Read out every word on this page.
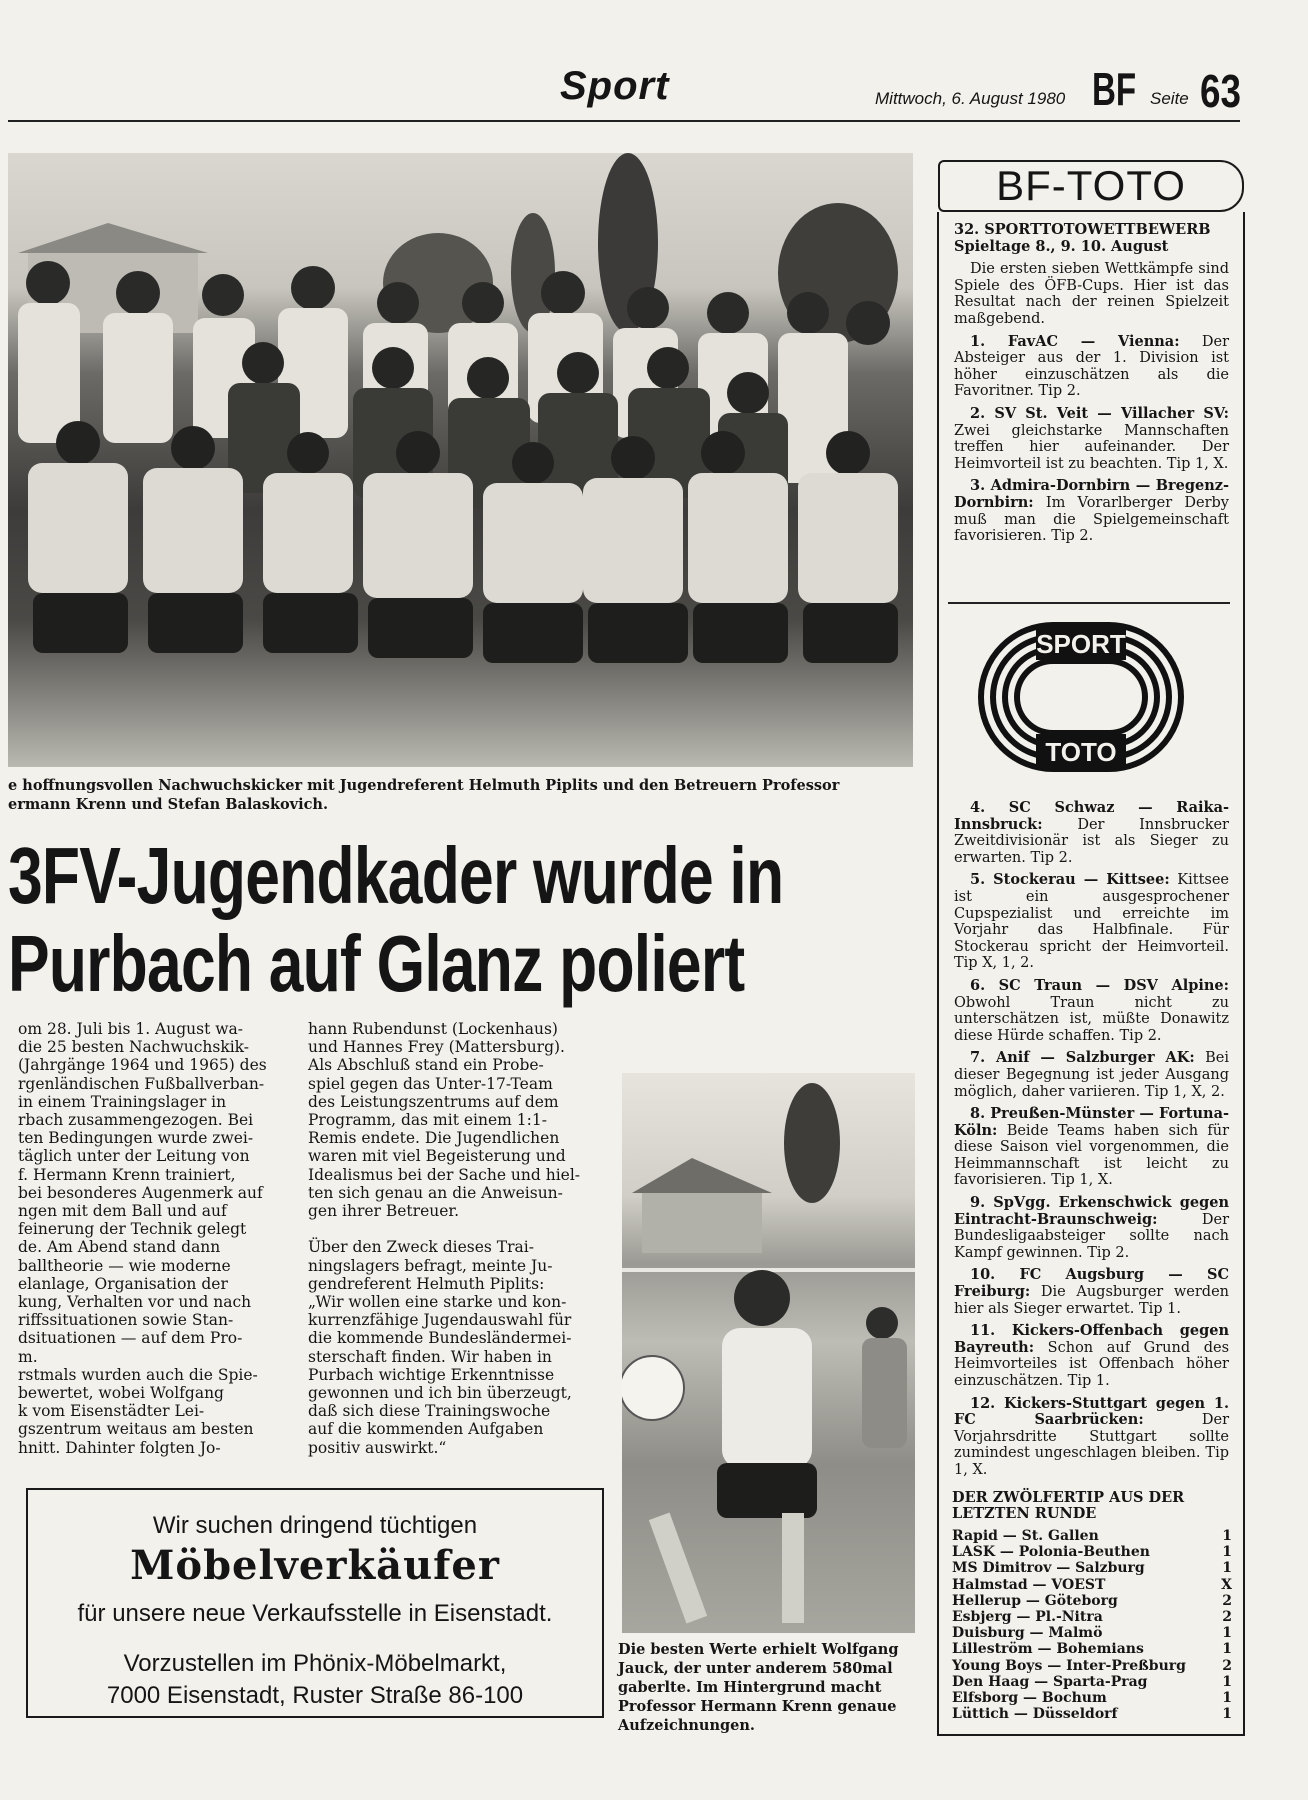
Sport	Mittwoch, 6. August 1980 BF Seite 63
e hoffnungsvollen Nachwuchskicker mit Jugendreferent Helmuth Piplits und den Betreuern Professor
ermann Krenn und Stefan Balaskovich.
3FV-Jugendkader wurde in
Purbach auf Glanz poliert

om 28. Juli bis 1. August wa-

die 25 besten Nachwuchskik-

(Jahrgänge 1964 und 1965) des

rgenländischen Fußballverban-

in einem Trainingslager in

rbach zusammengezogen. Bei

ten Bedingungen wurde zwei-

täglich unter der Leitung von

f. Hermann Krenn trainiert,

bei besonderes Augenmerk auf

ngen mit dem Ball und auf

feinerung der Technik gelegt

de. Am Abend stand dann

balltheorie — wie moderne

elanlage, Organisation der

kung, Verhalten vor und nach

riffssituationen sowie Stan-

dsituationen — auf dem Pro-

m.

rstmals wurden auch die Spie-

bewertet, wobei Wolfgang

k vom Eisenstädter Lei-

gszentrum weitaus am besten

hnitt. Dahinter folgten Jo-

hann Rubendunst (Lockenhaus)

und Hannes Frey (Mattersburg).

Als Abschluß stand ein Probe-

spiel gegen das Unter-17-Team

des Leistungszentrums auf dem

Programm, das mit einem 1:1-

Remis endete. Die Jugendlichen

waren mit viel Begeisterung und

Idealismus bei der Sache und hiel-

ten sich genau an die Anweisun-

gen ihrer Betreuer.

Über den Zweck dieses Trai-

ningslagers befragt, meinte Ju-

gendreferent Helmuth Piplits:

„Wir wollen eine starke und kon-

kurrenzfähige Jugendauswahl für

die kommende Bundesländermei-

sterschaft finden. Wir haben in

Purbach wichtige Erkenntnisse

gewonnen und ich bin überzeugt,

daß sich diese Trainingswoche

auf die kommenden Aufgaben

positiv auswirkt.“

Die besten Werte erhielt Wolfgang Jauck, der unter anderem 580mal gaberlte. Im Hintergrund macht Professor Hermann Krenn genaue Aufzeichnungen.
Wir suchen dringend tüchtigen
Möbelverkäufer
für unsere neue Verkaufsstelle in Eisenstadt.
Vorzustellen im Phönix-Möbelmarkt,
7000 Eisenstadt, Ruster Straße 86-100
BF-TOTO

32. SPORTTOTOWETTBEWERB

Spieltage 8., 9. 10. August

Die ersten sieben Wettkämpfe sind Spiele des ÖFB-Cups. Hier ist das Resultat nach der reinen Spielzeit maßgebend.

1. FavAC — Vienna: Der Absteiger aus der 1. Division ist höher einzuschätzen als die Favoritner. Tip 2.

2. SV St. Veit — Villacher SV: Zwei gleichstarke Mannschaften treffen hier aufeinander. Der Heimvorteil ist zu beachten. Tip 1, X.

3. Admira-Dornbirn — Bregenz-Dornbirn: Im Vorarlberger Derby muß man die Spielgemeinschaft favorisieren. Tip 2.

SPORT
TOTO

4. SC Schwaz — Raika-Innsbruck: Der Innsbrucker Zweitdivisionär ist als Sieger zu erwarten. Tip 2.

5. Stockerau — Kittsee: Kittsee ist ein ausgesprochener Cupspezialist und erreichte im Vorjahr das Halbfinale. Für Stockerau spricht der Heimvorteil. Tip X, 1, 2.

6. SC Traun — DSV Alpine: Obwohl Traun nicht zu unterschätzen ist, müßte Donawitz diese Hürde schaffen. Tip 2.

7. Anif — Salzburger AK: Bei dieser Begegnung ist jeder Ausgang möglich, daher variieren. Tip 1, X, 2.

8. Preußen-Münster — Fortuna-Köln: Beide Teams haben sich für diese Saison viel vorgenommen, die Heimmannschaft ist leicht zu favorisieren. Tip 1, X.

9. SpVgg. Erkenschwick gegen Eintracht-Braunschweig:	Der Bundesligaabsteiger sollte nach Kampf gewinnen. Tip 2.

10. FC Augsburg — SC Freiburg: Die Augsburger werden hier als Sieger erwartet. Tip 1.

11. Kickers-Offenbach gegen Bayreuth: Schon auf Grund des Heimvorteiles ist Offenbach höher einzuschätzen. Tip 1.

12. Kickers-Stuttgart gegen 1. FC Saarbrücken:	Der Vorjahrsdritte Stuttgart sollte zumindest ungeschlagen bleiben. Tip 1, X.

DER ZWÖLFERTIP AUS DER LETZTEN RUNDE
Rapid — St. Gallen	1
LASK — Polonia-Beuthen	1
MS Dimitrov — Salzburg	1
Halmstad — VOEST	X
Hellerup — Göteborg	2
Esbjerg — Pl.-Nitra	2
Duisburg — Malmö	1
Lilleström — Bohemians	1
Young Boys — Inter-Preßburg	2
Den Haag — Sparta-Prag	1
Elfsborg — Bochum	1
Lüttich — Düsseldorf	1
